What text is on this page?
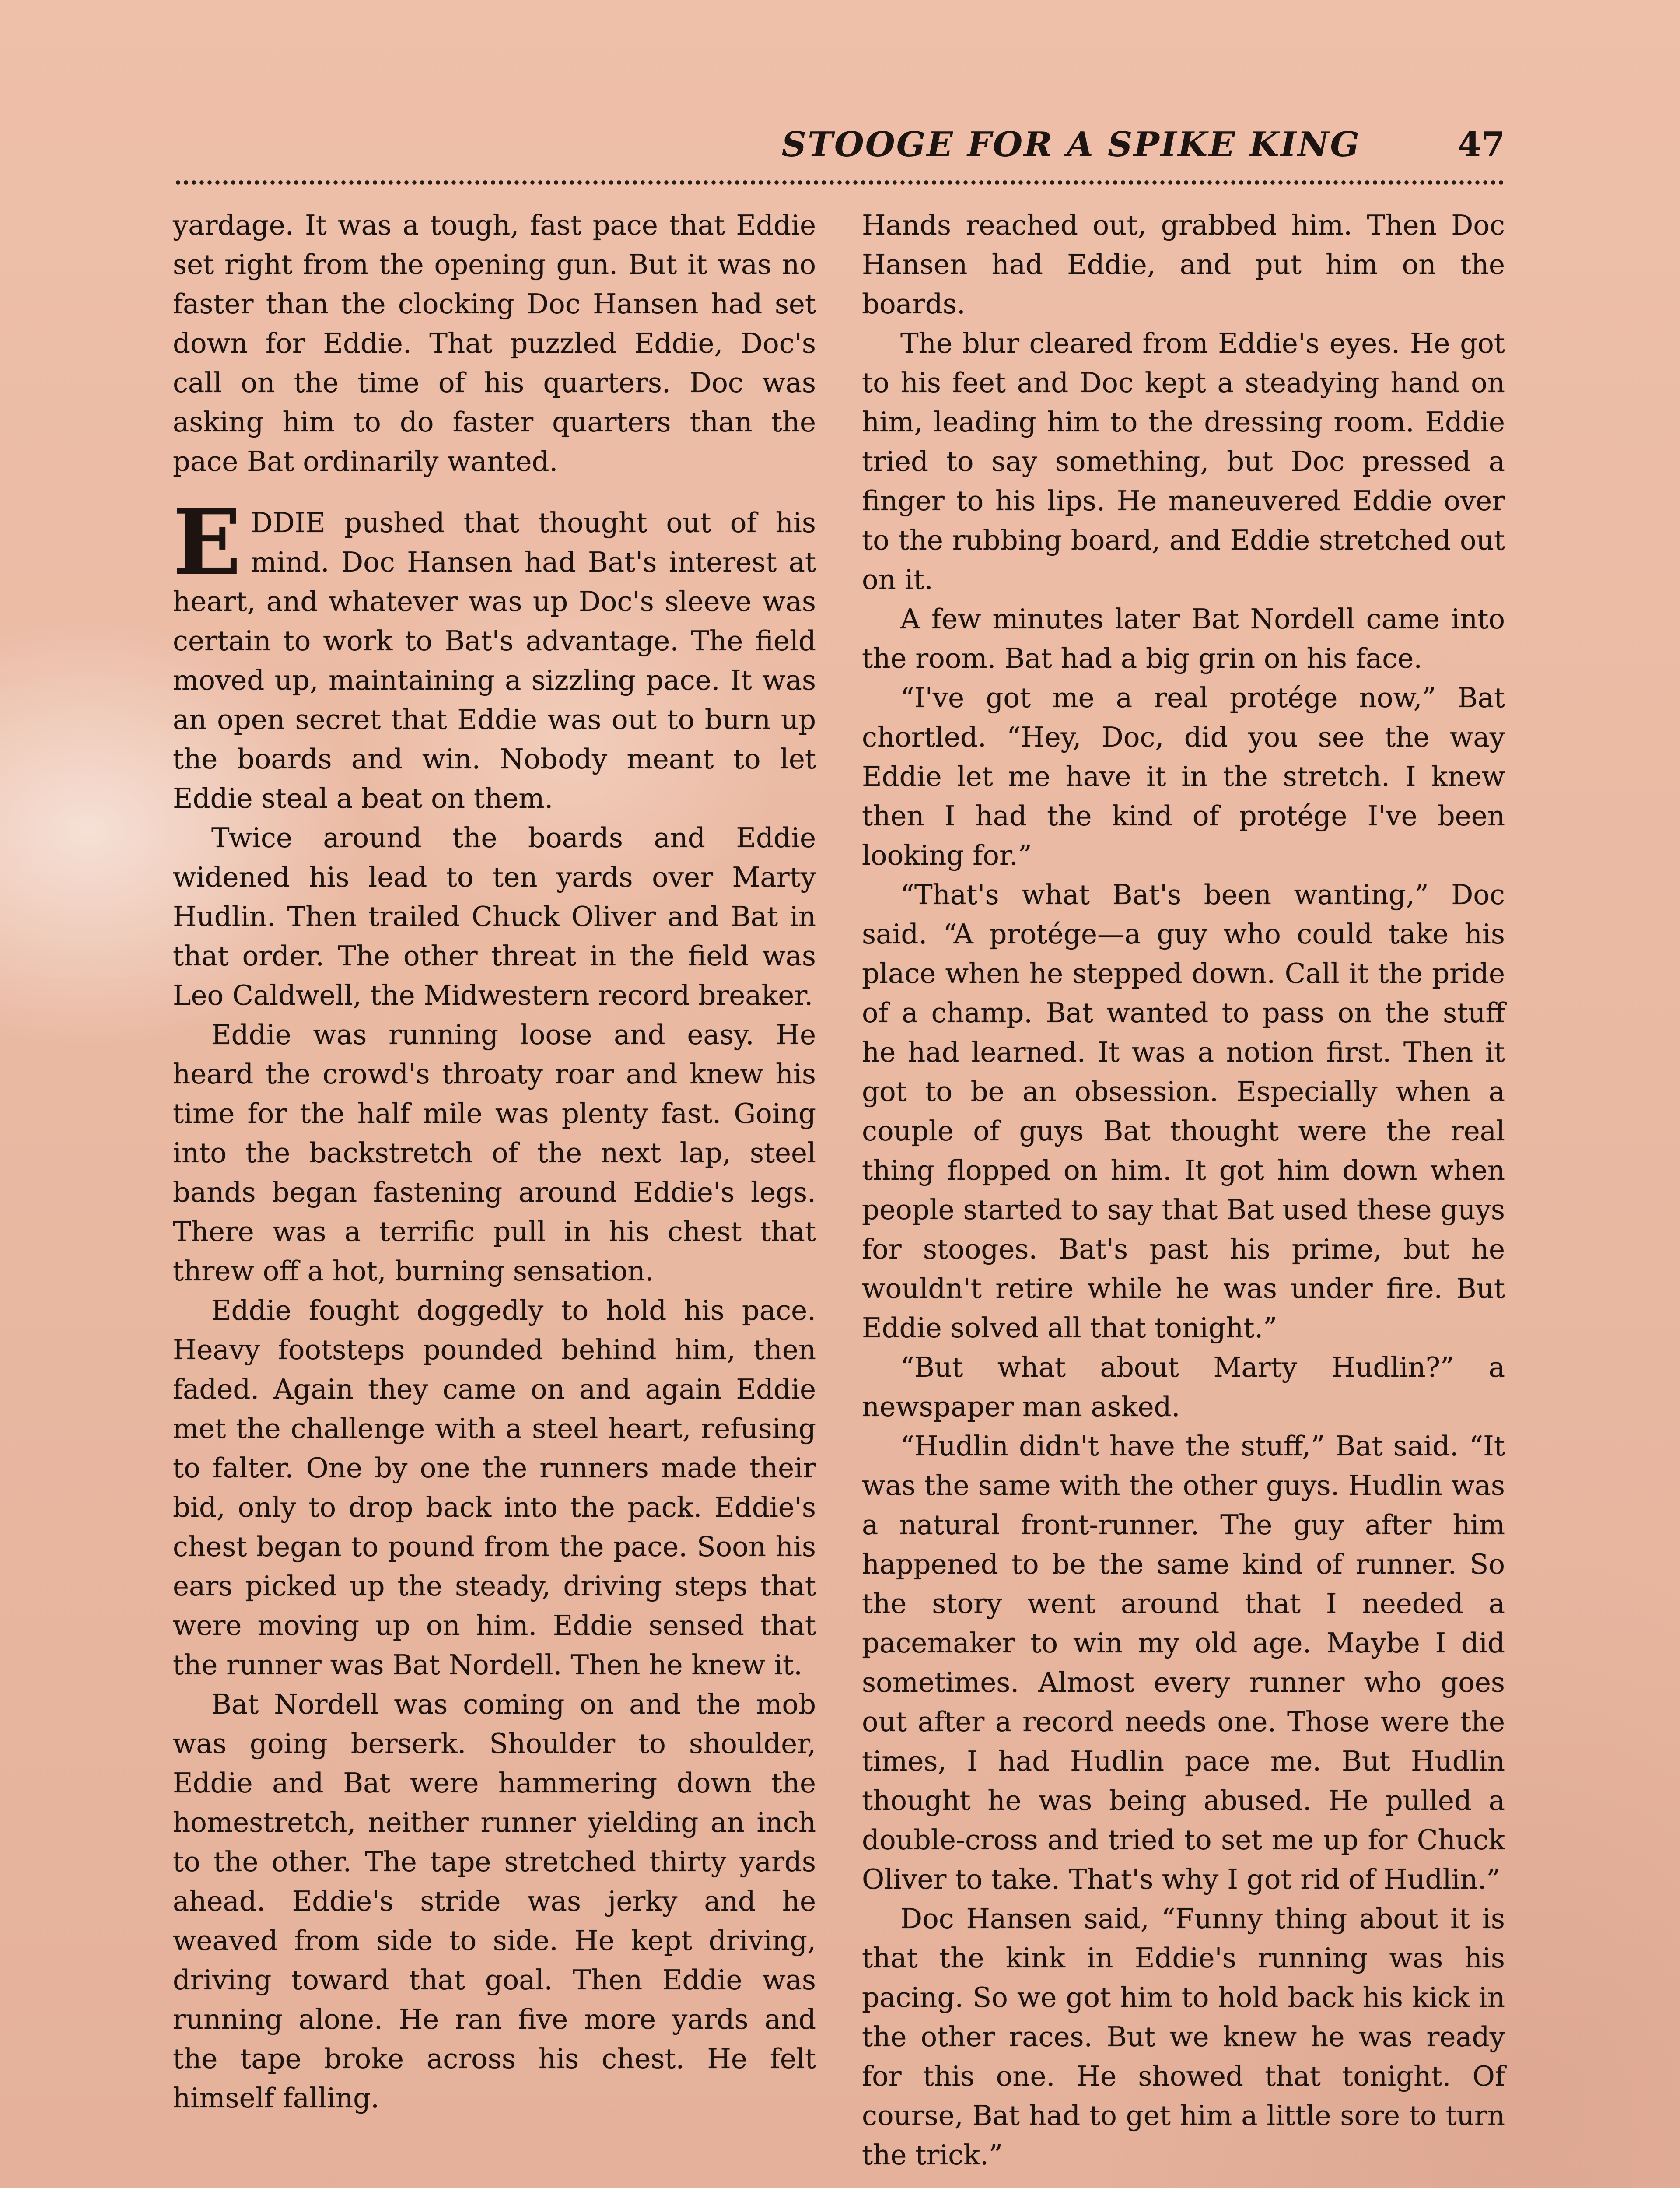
STOOGE FOR A SPIKE KING	47

yardage. It was a tough, fast pace that Eddie set right from the opening gun. But it was no faster than the clocking Doc Hansen had set down for Eddie. That puzzled Eddie, Doc's call on the time of his quarters. Doc was asking him to do faster quarters than the pace Bat ordinarily wanted.

EDDIE pushed that thought out of his mind. Doc Hansen had Bat's interest at heart, and whatever was up Doc's sleeve was certain to work to Bat's advantage. The field moved up, maintaining a sizzling pace. It was an open secret that Eddie was out to burn up the boards and win. Nobody meant to let Eddie steal a beat on them.

Twice around the boards and Eddie widened his lead to ten yards over Marty Hudlin. Then trailed Chuck Oliver and Bat in that order. The other threat in the field was Leo Caldwell, the Midwestern record breaker.

Eddie was running loose and easy. He heard the crowd's throaty roar and knew his time for the half mile was plenty fast. Going into the backstretch of the next lap, steel bands began fastening around Eddie's legs. There was a terrific pull in his chest that threw off a hot, burning sensation.

Eddie fought doggedly to hold his pace. Heavy footsteps pounded behind him, then faded. Again they came on and again Eddie met the challenge with a steel heart, refusing to falter. One by one the runners made their bid, only to drop back into the pack. Eddie's chest began to pound from the pace. Soon his ears picked up the steady, driving steps that were moving up on him. Eddie sensed that the runner was Bat Nordell. Then he knew it.

Bat Nordell was coming on and the mob was going berserk. Shoulder to shoulder, Eddie and Bat were hammering down the homestretch, neither runner yielding an inch to the other. The tape stretched thirty yards ahead. Eddie's stride was jerky and he weaved from side to side. He kept driving, driving toward that goal. Then Eddie was running alone. He ran five more yards and the tape broke across his chest. He felt himself falling.

Hands reached out, grabbed him. Then Doc Hansen had Eddie, and put him on the boards.

The blur cleared from Eddie's eyes. He got to his feet and Doc kept a steadying hand on him, leading him to the dressing room. Eddie tried to say something, but Doc pressed a finger to his lips. He maneuvered Eddie over to the rubbing board, and Eddie stretched out on it.

A few minutes later Bat Nordell came into the room. Bat had a big grin on his face.

“I've got me a real protége now,” Bat chortled. “Hey, Doc, did you see the way Eddie let me have it in the stretch. I knew then I had the kind of protége I've been looking for.”

“That's what Bat's been wanting,” Doc said. “A protége—a guy who could take his place when he stepped down. Call it the pride of a champ. Bat wanted to pass on the stuff he had learned. It was a notion first. Then it got to be an obsession. Especially when a couple of guys Bat thought were the real thing flopped on him. It got him down when people started to say that Bat used these guys for stooges. Bat's past his prime, but he wouldn't retire while he was under fire. But Eddie solved all that tonight.”

“But what about Marty Hudlin?” a newspaper man asked.

“Hudlin didn't have the stuff,” Bat said. “It was the same with the other guys. Hudlin was a natural front-runner. The guy after him happened to be the same kind of runner. So the story went around that I needed a pacemaker to win my old age. Maybe I did sometimes. Almost every runner who goes out after a record needs one. Those were the times, I had Hudlin pace me. But Hudlin thought he was being abused. He pulled a double-cross and tried to set me up for Chuck Oliver to take. That's why I got rid of Hudlin.”

Doc Hansen said, “Funny thing about it is that the kink in Eddie's running was his pacing. So we got him to hold back his kick in the other races. But we knew he was ready for this one. He showed that tonight. Of course, Bat had to get him a little sore to turn the trick.”
